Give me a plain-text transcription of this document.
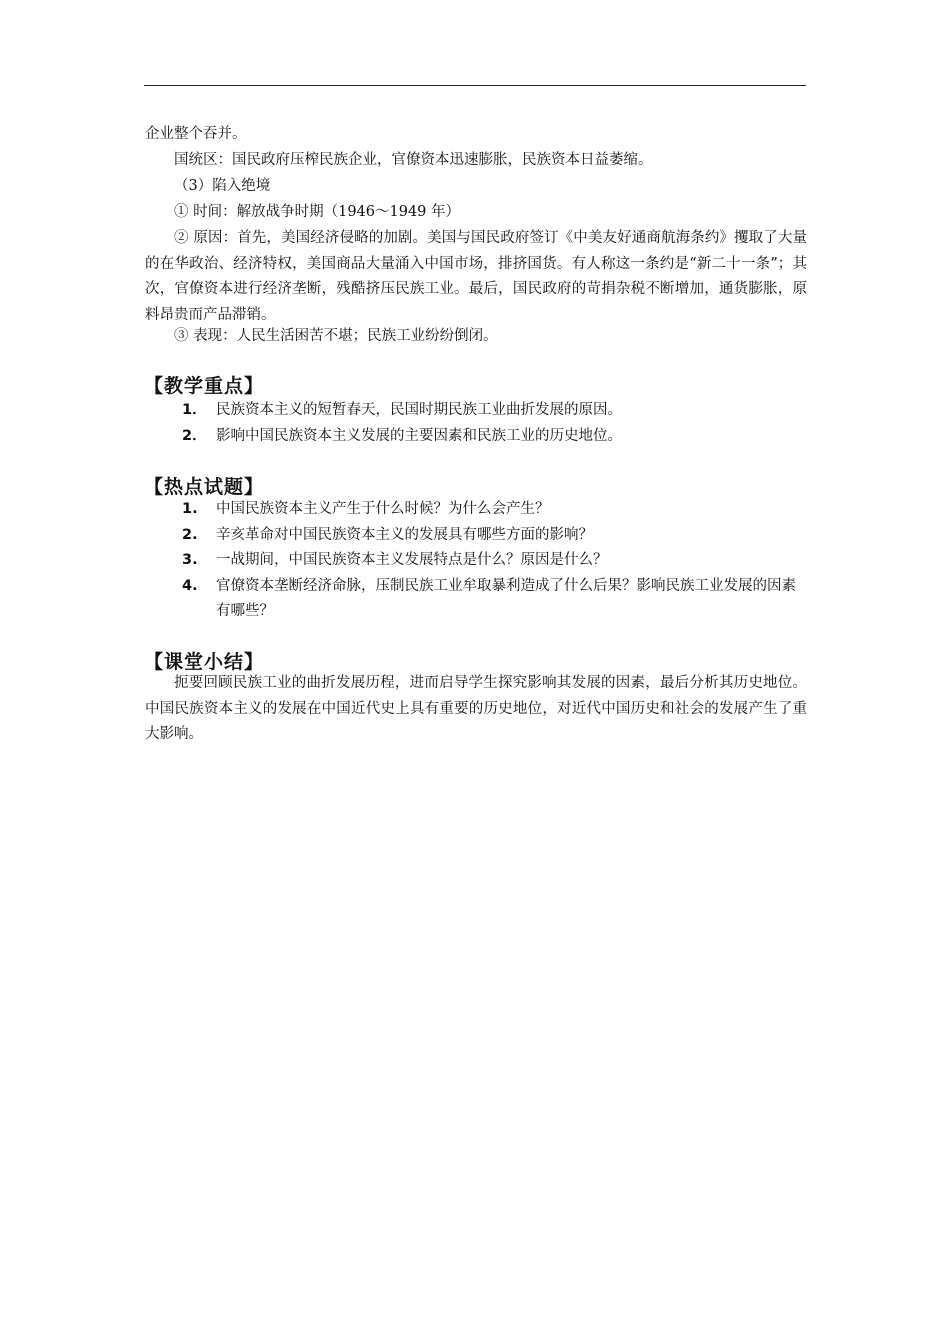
企业整个吞并。

国统区：国民政府压榨民族企业，官僚资本迅速膨胀，民族资本日益萎缩。

（3）陷入绝境

① 时间：解放战争时期（1946～1949 年）

② 原因：首先，美国经济侵略的加剧。美国与国民政府签订《中美友好通商航海条约》攫取了大量的在华政治、经济特权，美国商品大量涌入中国市场，排挤国货。有人称这一条约是“新二十一条”；其次，官僚资本进行经济垄断，残酷挤压民族工业。最后，国民政府的苛捐杂税不断增加，通货膨胀，原料昂贵而产品滞销。

③ 表现：人民生活困苦不堪；民族工业纷纷倒闭。

【教学重点】
1． 民族资本主义的短暂春天，民国时期民族工业曲折发展的原因。
2． 影响中国民族资本主义发展的主要因素和民族工业的历史地位。
【热点试题】
1.	中国民族资本主义产生于什么时候？为什么会产生？
2.	辛亥革命对中国民族资本主义的发展具有哪些方面的影响？
3.	一战期间，中国民族资本主义发展特点是什么？原因是什么？
4.	官僚资本垄断经济命脉，压制民族工业牟取暴利造成了什么后果？影响民族工业发展的因素有哪些？
【课堂小结】

扼要回顾民族工业的曲折发展历程，进而启导学生探究影响其发展的因素，最后分析其历史地位。中国民族资本主义的发展在中国近代史上具有重要的历史地位，对近代中国历史和社会的发展产生了重大影响。
